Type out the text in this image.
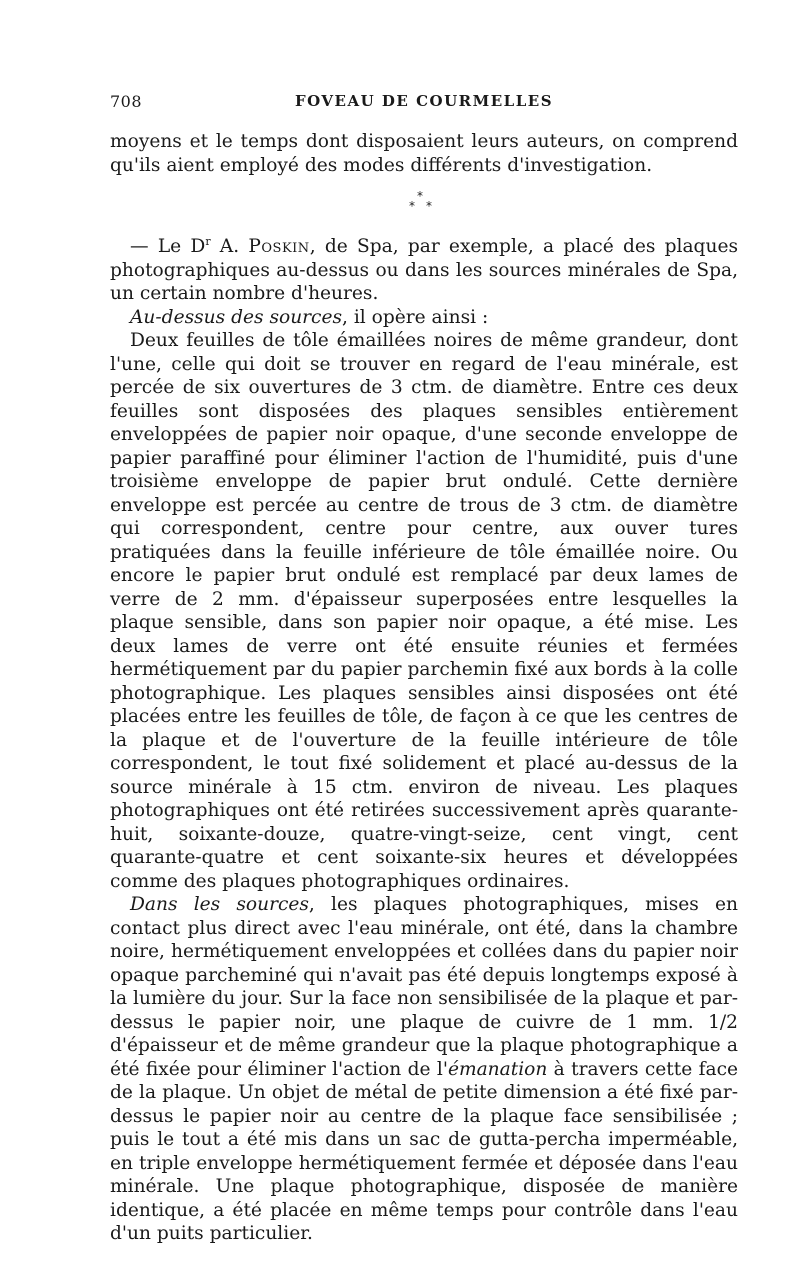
708	FOVEAU DE COURMELLES

moyens et le temps dont disposaient leurs auteurs, on comprend qu'ils aient employé des modes différents d'investigation.

*
* *

— Le $D^r$ A. Poskin, de Spa, par exemple, a placé des plaques photographiques au-dessus ou dans les sources minérales de Spa, un certain nombre d'heures.

Au-dessus des sources, il opère ainsi :

Deux feuilles de tôle émaillées noires de même grandeur, dont l'une, celle qui doit se trouver en regard de l'eau minérale, est percée de six ouvertures de 3 ctm. de diamètre. Entre ces deux feuilles sont disposées des plaques sensibles entièrement enveloppées de papier noir opaque, d'une seconde enveloppe de papier paraffiné pour éliminer l'action de l'humidité, puis d'une troisième enveloppe de papier brut ondulé. Cette dernière enveloppe est percée au centre de trous de 3 ctm. de diamètre qui correspondent, centre pour centre, aux ouver tures pratiquées dans la feuille inférieure de tôle émaillée noire. Ou encore le papier brut ondulé est remplacé par deux lames de verre de 2 mm. d'épaisseur superposées entre lesquelles la plaque sensible, dans son papier noir opaque, a été mise. Les deux lames de verre ont été ensuite réunies et fermées hermétiquement par du papier parchemin fixé aux bords à la colle photographique. Les plaques sensibles ainsi disposées ont été placées entre les feuilles de tôle, de façon à ce que les centres de la plaque et de l'ouverture de la feuille intérieure de tôle correspondent, le tout fixé solidement et placé au-dessus de la source minérale à 15 ctm. environ de niveau. Les plaques photographiques ont été retirées successivement après quarante-huit, soixante-douze, quatre-vingt-seize, cent vingt, cent quarante-quatre et cent soixante-six heures et développées comme des plaques photographiques ordinaires.

Dans les sources, les plaques photographiques, mises en contact plus direct avec l'eau minérale, ont été, dans la chambre noire, hermétiquement enveloppées et collées dans du papier noir opaque parcheminé qui n'avait pas été depuis longtemps exposé à la lumière du jour. Sur la face non sensibilisée de la plaque et par-dessus le papier noir, une plaque de cuivre de 1 mm. 1/2 d'épaisseur et de même grandeur que la plaque photographique a été fixée pour éliminer l'action de l'émanation à travers cette face de la plaque. Un objet de métal de petite dimension a été fixé par-dessus le papier noir au centre de la plaque face sensibilisée ; puis le tout a été mis dans un sac de gutta-percha imperméable, en triple enveloppe hermétiquement fermée et déposée dans l'eau minérale. Une plaque photographique, disposée de manière identique, a été placée en même temps pour contrôle dans l'eau d'un puits particulier.
